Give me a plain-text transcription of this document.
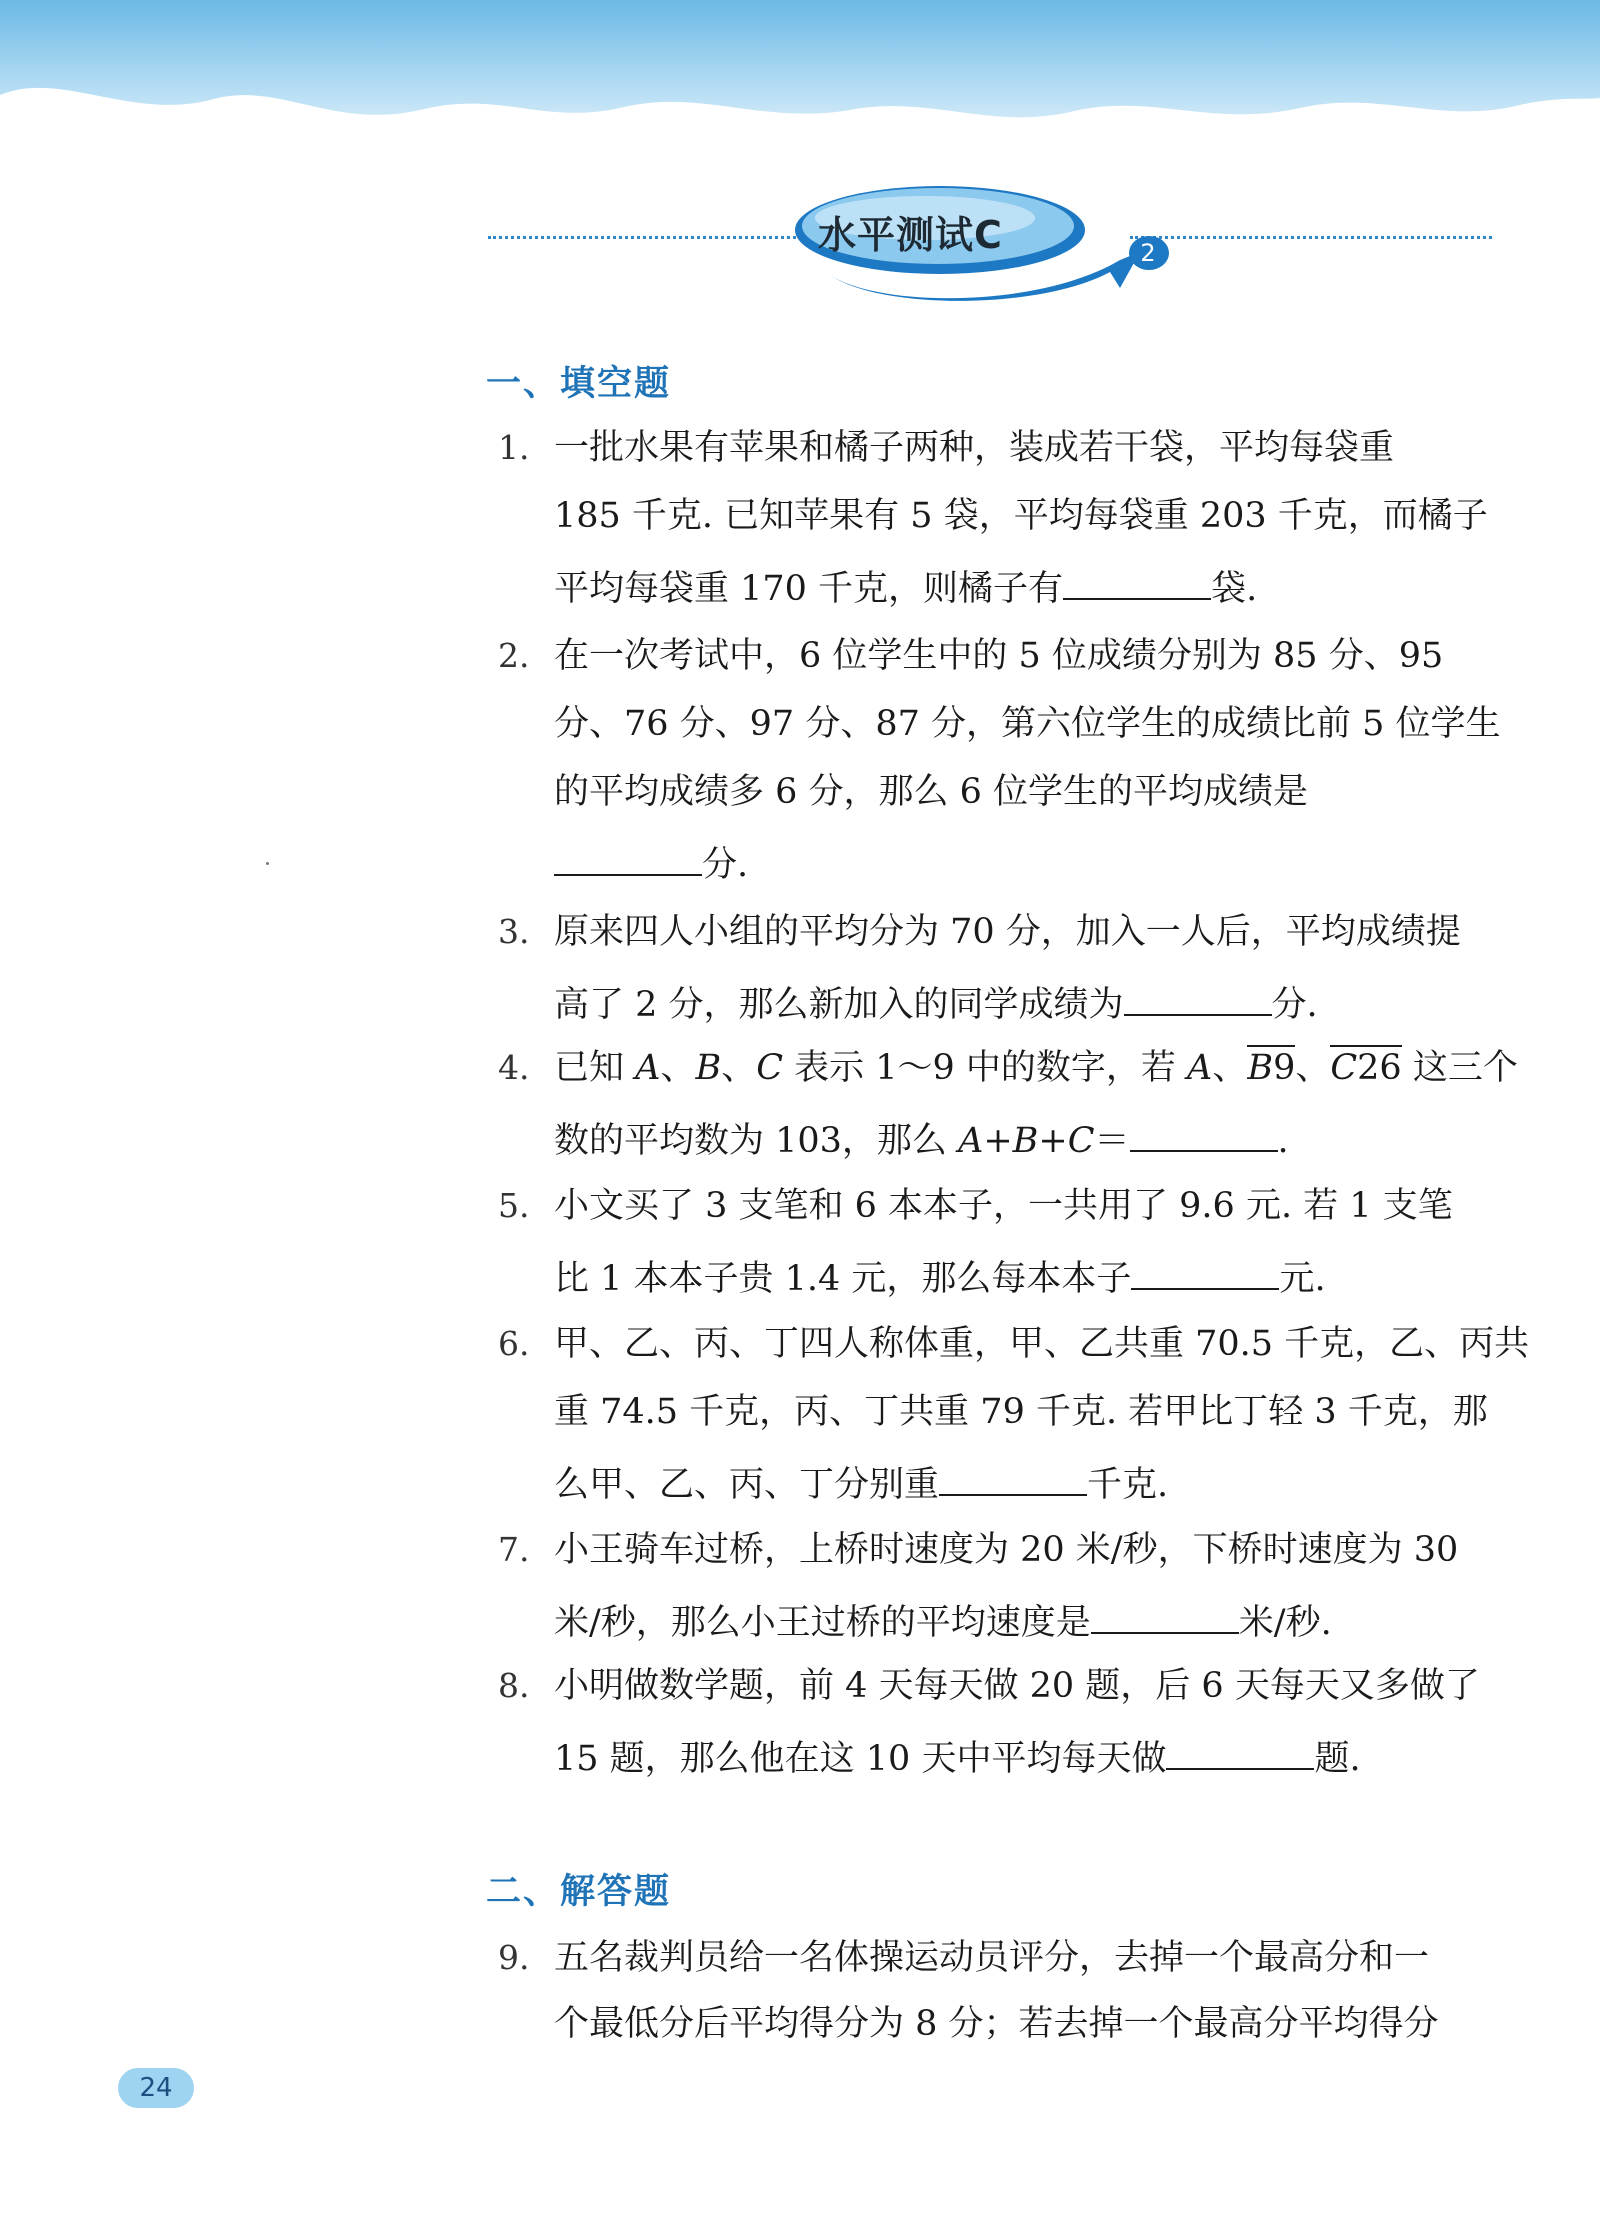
水平测试C	2
一、填空题
1. 一批水果有苹果和橘子两种，装成若干袋，平均每袋重
185 千克. 已知苹果有 5 袋，平均每袋重 203 千克，而橘子
平均每袋重 170 千克，则橘子有	袋.
2. 在一次考试中，6 位学生中的 5 位成绩分别为 85 分、95
分、76 分、97 分、87 分，第六位学生的成绩比前 5 位学生
的平均成绩多 6 分，那么 6 位学生的平均成绩是
分.
3. 原来四人小组的平均分为 70 分，加入一人后，平均成绩提
高了 2 分，那么新加入的同学成绩为	分.
4. 已知 A、B、C 表示 1～9 中的数字，若 A、B9、C26 这三个
数的平均数为 103，那么 A+B+C＝	.
5. 小文买了 3 支笔和 6 本本子，一共用了 9.6 元. 若 1 支笔
比 1 本本子贵 1.4 元，那么每本本子	元.
6. 甲、乙、丙、丁四人称体重，甲、乙共重 70.5 千克，乙、丙共
重 74.5 千克，丙、丁共重 79 千克. 若甲比丁轻 3 千克，那
么甲、乙、丙、丁分别重	千克.
7. 小王骑车过桥，上桥时速度为 20 米/秒，下桥时速度为 30
米/秒，那么小王过桥的平均速度是	米/秒.
8. 小明做数学题，前 4 天每天做 20 题，后 6 天每天又多做了
15 题，那么他在这 10 天中平均每天做	题.
二、解答题
9. 五名裁判员给一名体操运动员评分，去掉一个最高分和一
个最低分后平均得分为 8 分；若去掉一个最高分平均得分
24
